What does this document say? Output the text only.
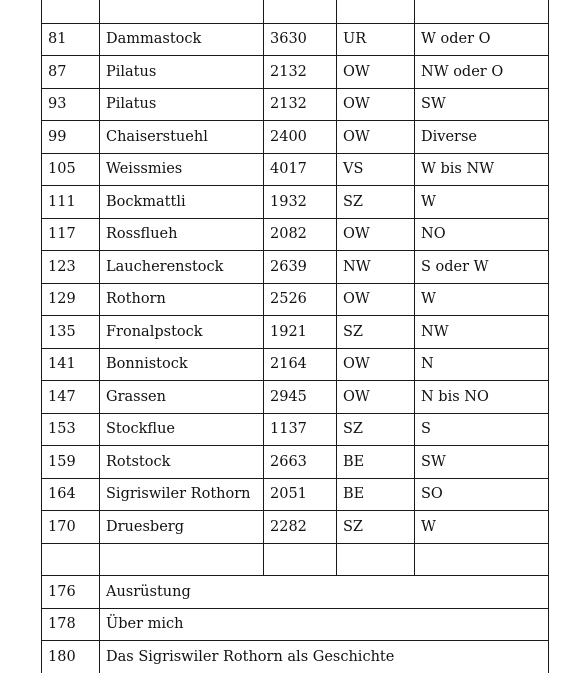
81	Dammastock	3630	UR	W oder O
87	Pilatus	2132	OW	NW oder O
93	Pilatus	2132	OW	SW
99	Chaiserstuehl	2400	OW	Diverse
105	Weissmies	4017	VS	W bis NW
111	Bockmattli	1932	SZ	W
117	Rossflueh	2082	OW	NO
123	Laucherenstock	2639	NW	S oder W
129	Rothorn	2526	OW	W
135	Fronalpstock	1921	SZ	NW
141	Bonnistock	2164	OW	N
147	Grassen	2945	OW	N bis NO
153	Stockflue	1137	SZ	S
159	Rotstock	2663	BE	SW
164	Sigriswiler Rothorn	2051	BE	SO
170	Druesberg	2282	SZ	W

176	Ausrüstung			
178	Über mich			
180	Das Sigriswiler Rothorn als Geschichte			
